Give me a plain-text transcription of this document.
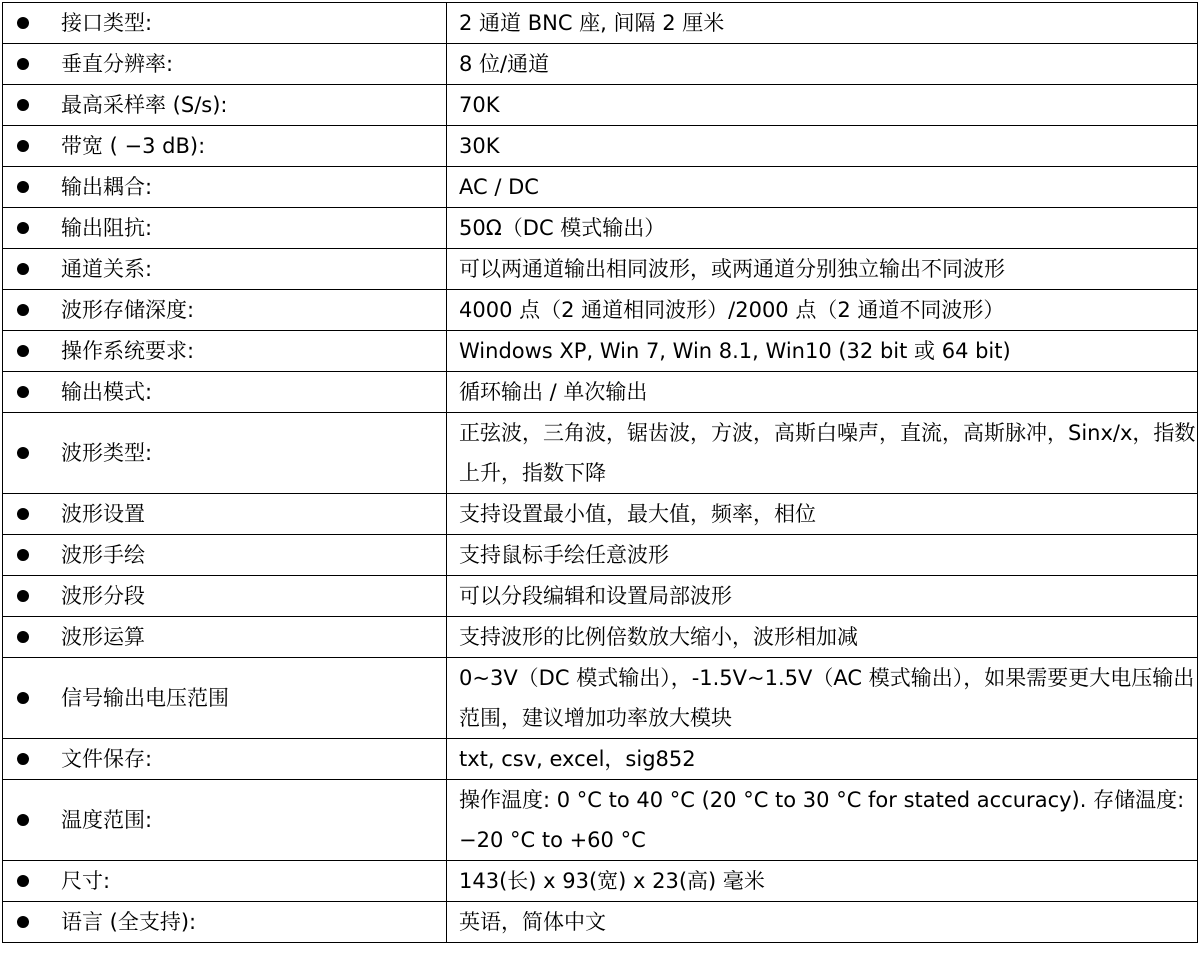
接口类型:	2 通道 BNC 座, 间隔 2 厘米

垂直分辨率:	8 位/通道

最高采样率 (S/s):	70K

带宽 ( −3 dB):	30K

输出耦合:	AC / DC

输出阻抗:	50Ω（DC 模式输出）

通道关系:	可以两通道输出相同波形，或两通道分别独立输出不同波形

波形存储深度:	4000 点（2 通道相同波形）/2000 点（2 通道不同波形）

操作系统要求:	Windows XP, Win 7, Win 8.1, Win10 (32 bit 或 64 bit)

输出模式:	循环输出 / 单次输出

波形类型:	正弦波，三角波，锯齿波，方波，高斯白噪声，直流，高斯脉冲，Sinx/x，指数上升，指数下降

波形设置	支持设置最小值，最大值，频率，相位

波形手绘	支持鼠标手绘任意波形

波形分段	可以分段编辑和设置局部波形

波形运算	支持波形的比例倍数放大缩小，波形相加减

信号输出电压范围	0~3V（DC 模式输出），-1.5V~1.5V（AC 模式输出），如果需要更大电压输出范围，建议增加功率放大模块

文件保存:	txt, csv, excel，sig852

温度范围:	操作温度: 0 °C to 40 °C (20 °C to 30 °C for stated accuracy). 存储温度: −20 °C to +60 °C

尺寸:	143(长) x 93(宽) x 23(高) 毫米

语言 (全支持):	英语，简体中文
